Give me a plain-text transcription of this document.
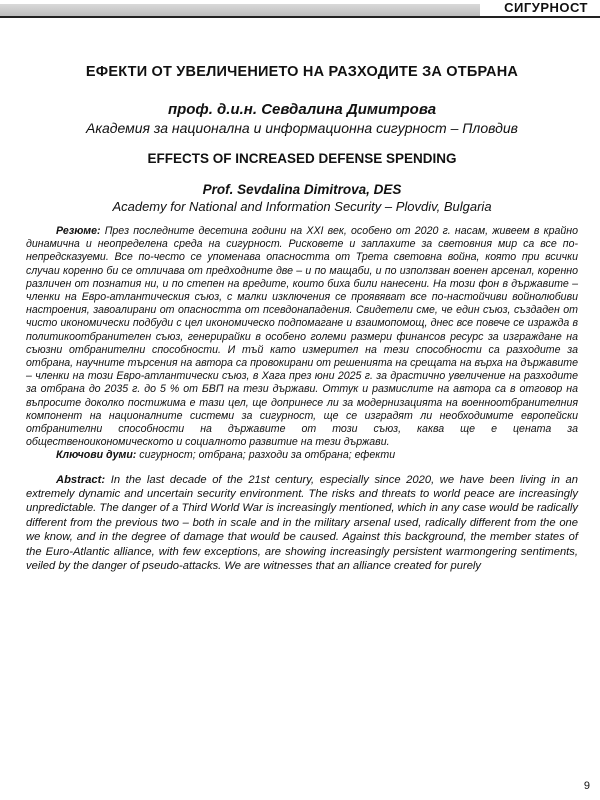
СИГУРНОСТ
ЕФЕКТИ ОТ УВЕЛИЧЕНИЕТО НА РАЗХОДИТЕ ЗА ОТБРАНА
проф. д.и.н. Севдалина Димитрова
Академия за национална и информационна сигурност – Пловдив
EFFECTS OF INCREASED DEFENSE SPENDING
Prof. Sevdalina Dimitrova, DES
Academy for National and Information Security – Plovdiv, Bulgaria

Резюме: През последните десетина години на XXI век, особено от 2020 г. насам, живеем в крайно динамична и неопределена среда на сигурност. Рисковете и заплахите за световния мир са все по-непредсказуеми. Все по-често се упоменава опасността от Трета световна война, която при всички случаи коренно би се отличава от предходните две – и по мащаби, и по използван военен арсенал, коренно различен от познатия ни, и по степен на вредите, които биха били нанесени. На този фон в държавите – членки на Евро-атлантическия съюз, с малки изключения се проявяват все по-настойчиви войнолюбиви настроения, завоалирани от опасността от псевдонападения. Свидетели сме, че един съюз, създаден от чисто икономически подбуди с цел икономическо подпомагане и взаимопомощ, днес все повече се изражда в политикоотбранителен съюз, генерирайки в особено големи размери финансов ресурс за изграждане на съюзни отбранителни способности. И тъй като измерител на тези способности са разходите за отбрана, научните търсения на автора са провокирани от решенията на срещата на върха на държавите – членки на този Евро-атлантически съюз, в Хага през юни 2025 г. за драстично увеличение на разходите за отбрана до 2035 г. до 5 % от БВП на тези държави. Оттук и размислите на автора са в отговор на въпросите доколко постижима е тази цел, ще допринесе ли за модернизацията на военноотбранителния компонент на националните системи за сигурност, ще се изградят ли необходимите европейски отбранителни способности на държавите от този съюз, каква ще е цената за общественоикономическото и социалното развитие на тези държави.

Ключови думи: сигурност; отбрана; разходи за отбрана; ефекти

Abstract: In the last decade of the 21st century, especially since 2020, we have been living in an extremely dynamic and uncertain security environment. The risks and threats to world peace are increasingly unpredictable. The danger of a Third World War is increasingly mentioned, which in any case would be radically different from the previous two – both in scale and in the military arsenal used, radically different from the one we know, and in the degree of damage that would be caused. Against this background, the member states of the Euro-Atlantic alliance, with few exceptions, are showing increasingly persistent warmongering sentiments, veiled by the danger of pseudo-attacks. We are witnesses that an alliance created for purely

9
